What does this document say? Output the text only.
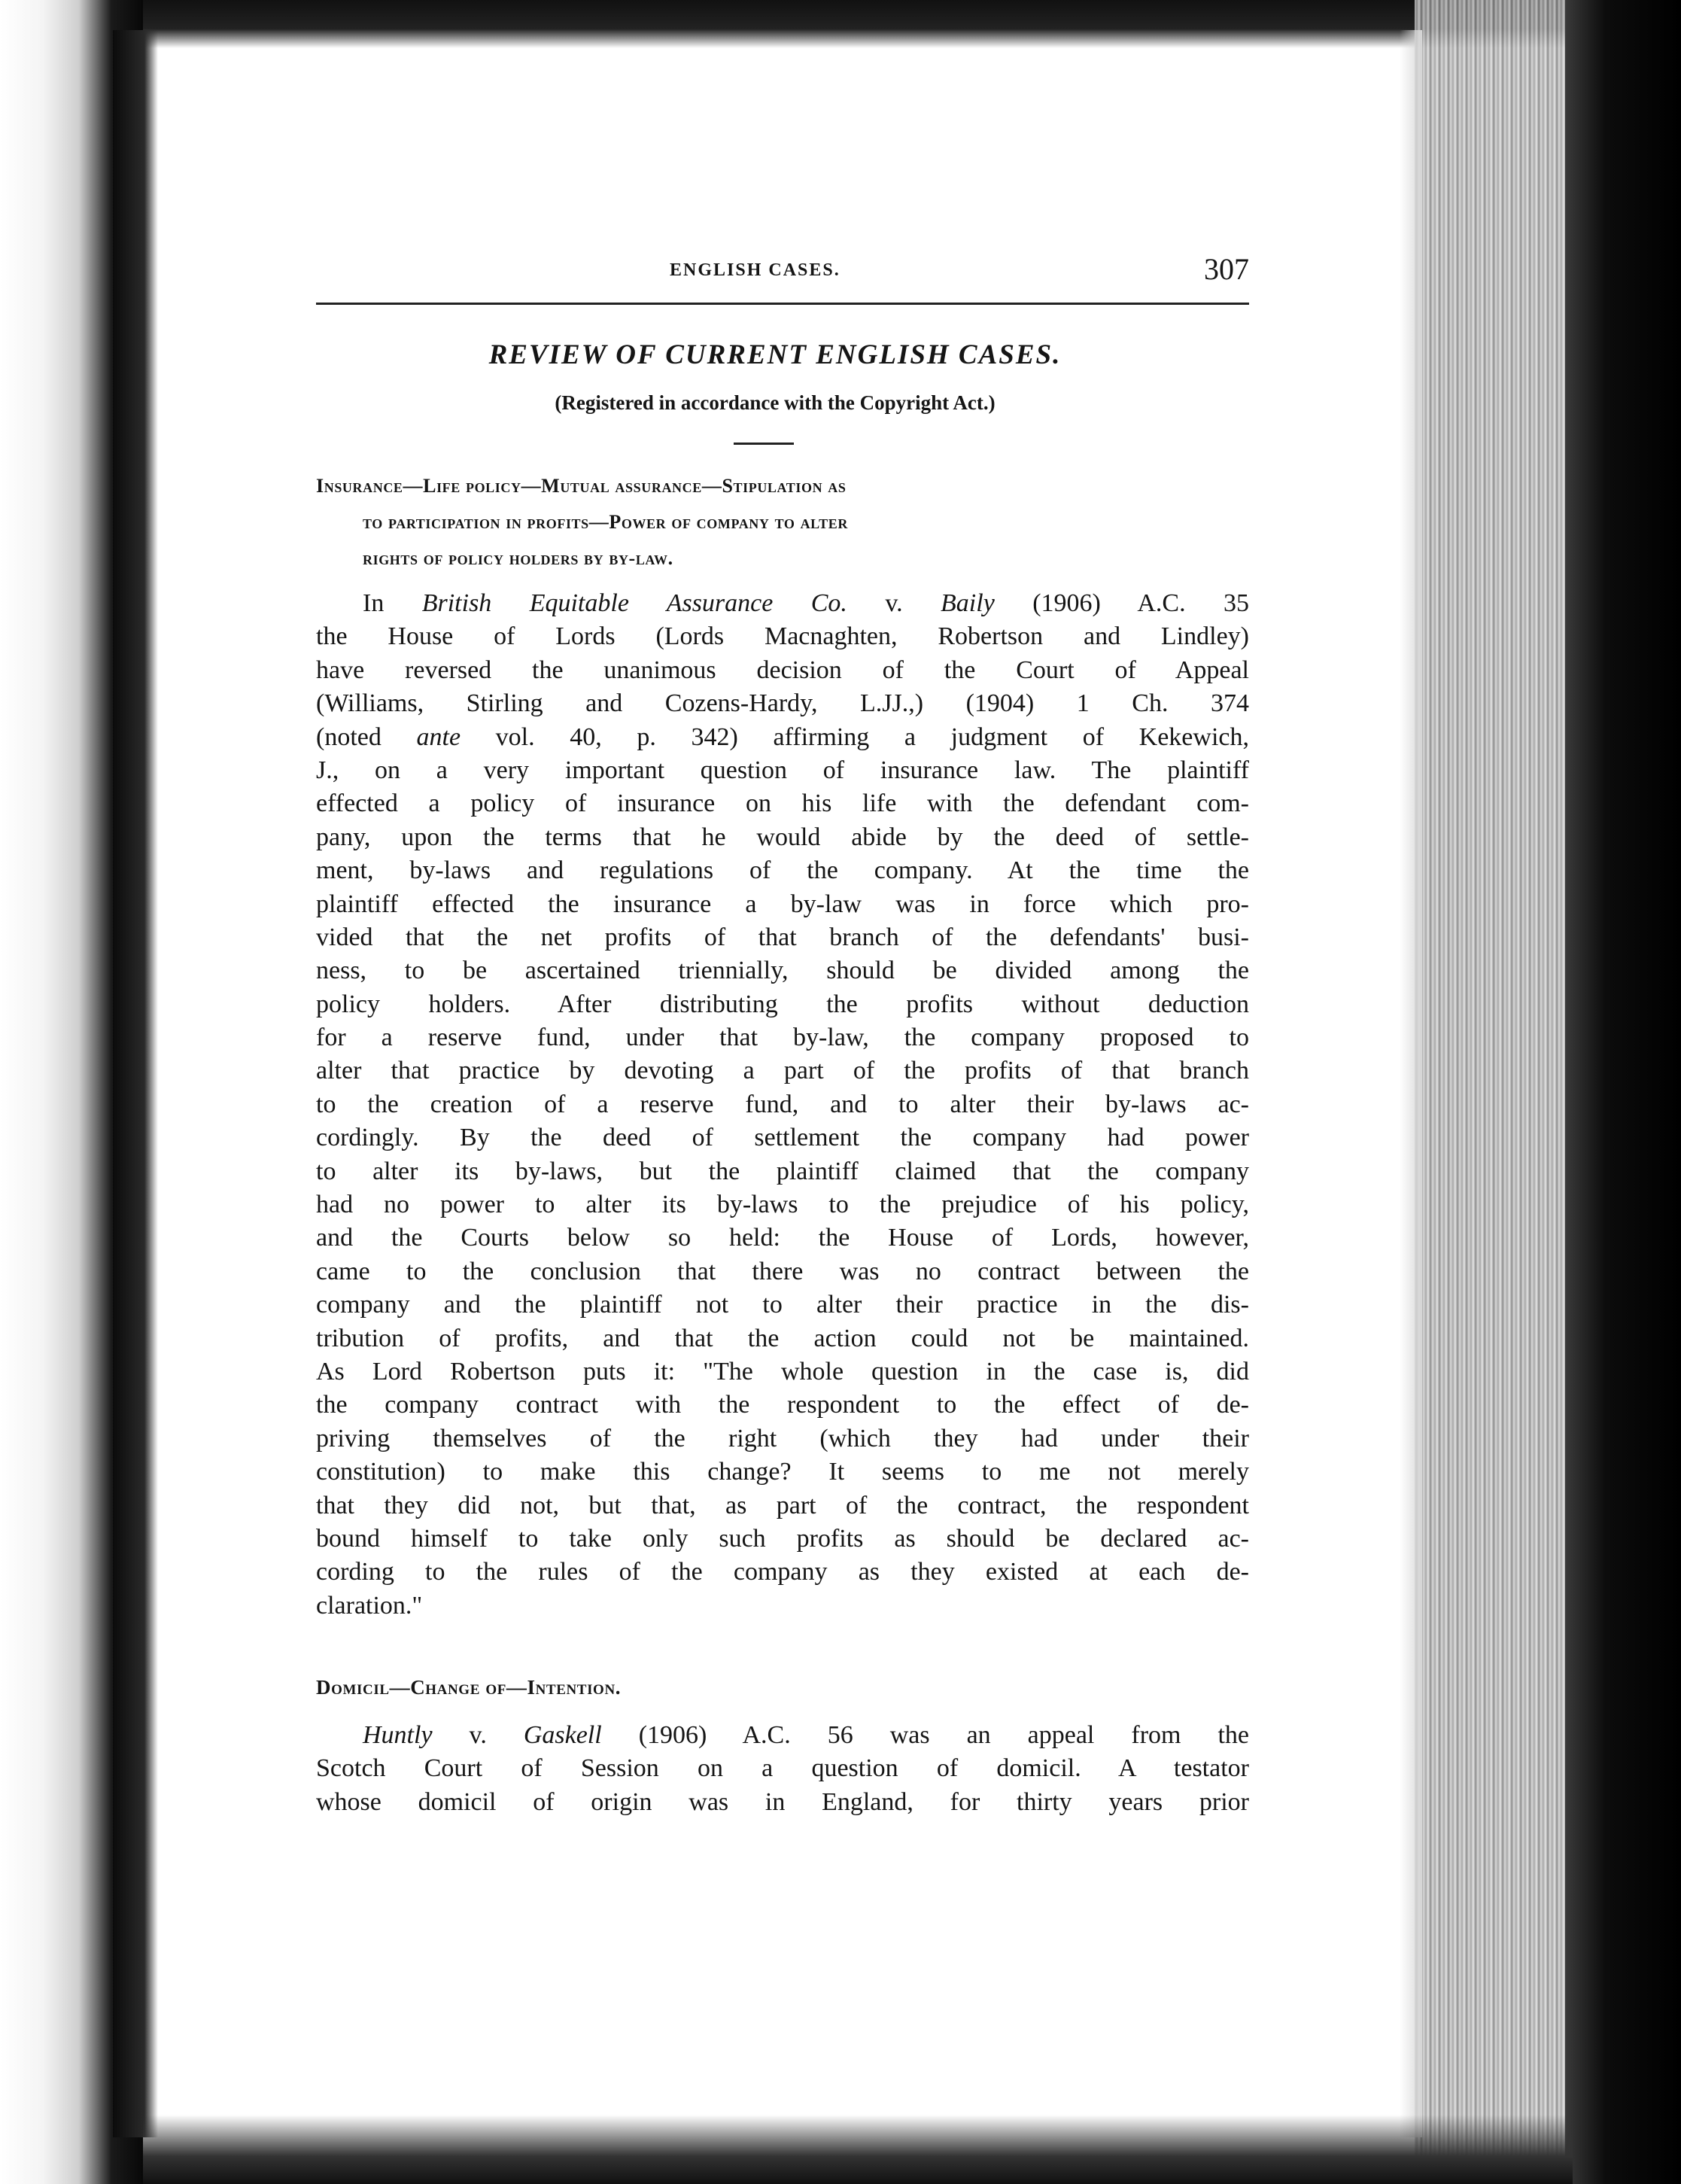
ENGLISH CASES.	307
REVIEW OF CURRENT ENGLISH CASES.
(Registered in accordance with the Copyright Act.)
Insurance—Life policy—Mutual assurance—Stipulation as
to participation in profits—Power of company to alter
rights of policy holders by by-law.
In British Equitable Assurance Co. v. Baily (1906) A.C. 35
the House of Lords (Lords Macnaghten, Robertson and Lindley)
have reversed the unanimous decision of the Court of Appeal
(Williams, Stirling and Cozens-Hardy, L.JJ.,) (1904) 1 Ch. 374
(noted ante vol. 40, p. 342) affirming a judgment of Kekewich,
J., on a very important question of insurance law. The plaintiff
effected a policy of insurance on his life with the defendant com-
pany, upon the terms that he would abide by the deed of settle-
ment, by-laws and regulations of the company. At the time the
plaintiff effected the insurance a by-law was in force which pro-
vided that the net profits of that branch of the defendants' busi-
ness, to be ascertained triennially, should be divided among the
policy holders. After distributing the profits without deduction
for a reserve fund, under that by-law, the company proposed to
alter that practice by devoting a part of the profits of that branch
to the creation of a reserve fund, and to alter their by-laws ac-
cordingly. By the deed of settlement the company had power
to alter its by-laws, but the plaintiff claimed that the company
had no power to alter its by-laws to the prejudice of his policy,
and the Courts below so held: the House of Lords, however,
came to the conclusion that there was no contract between the
company and the plaintiff not to alter their practice in the dis-
tribution of profits, and that the action could not be maintained.
As Lord Robertson puts it: "The whole question in the case is, did
the company contract with the respondent to the effect of de-
priving themselves of the right (which they had under their
constitution) to make this change? It seems to me not merely
that they did not, but that, as part of the contract, the respondent
bound himself to take only such profits as should be declared ac-
cording to the rules of the company as they existed at each de-
claration."
Domicil—Change of—Intention.
Huntly v. Gaskell (1906) A.C. 56 was an appeal from the
Scotch Court of Session on a question of domicil. A testator
whose domicil of origin was in England, for thirty years prior
